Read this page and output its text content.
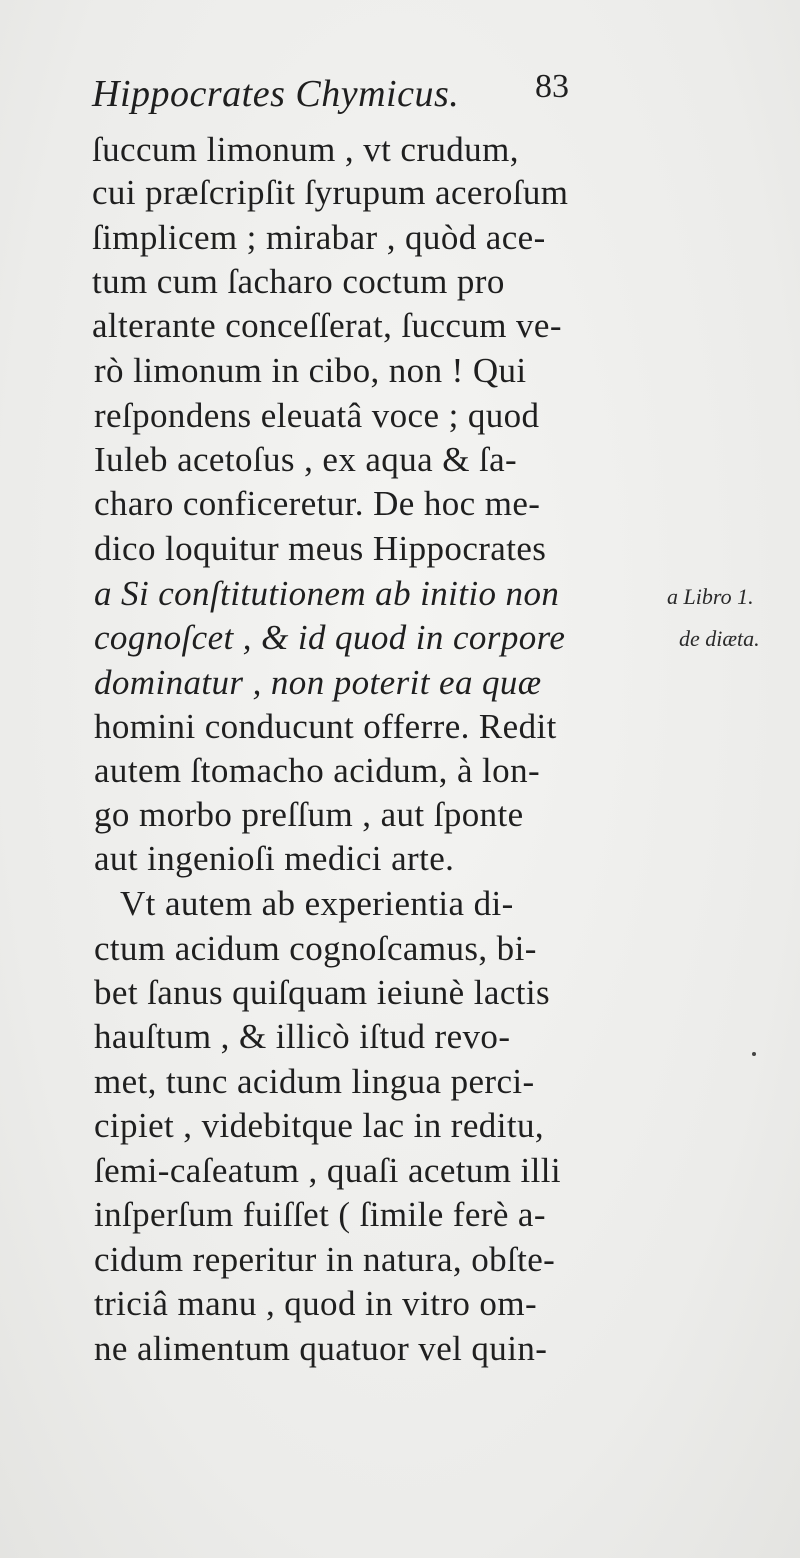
Hippocrates Chymicus. 83
ſuccum limonum , vt crudum,
cui præſcripſit ſyrupum aceroſum
ſimplicem ; mirabar , quòd ace-
tum cum ſacharo coctum pro
alterante conceſſerat, ſuccum ve-
rò limonum in cibo, non ! Qui
reſpondens eleuatâ voce ; quod
Iuleb acetoſus , ex aqua & ſa-
charo conficeretur. De hoc me-
dico loquitur meus Hippocrates
a Si conſtitutionem ab initio non
cognoſcet , & id quod in corpore
dominatur , non poterit ea quæ
homini conducunt offerre. Redit
autem ſtomacho acidum, à lon-
go morbo preſſum , aut ſponte
aut ingenioſi medici arte.
Vt autem ab experientia di-
ctum acidum cognoſcamus, bi-
bet ſanus quiſquam ieiunè lactis
hauſtum , & illicò iſtud revo-
met, tunc acidum lingua perci-
cipiet , videbitque lac in reditu,
ſemi-caſeatum , quaſi acetum illi
inſperſum fuiſſet ( ſimile ferè a-
cidum reperitur in natura, obſte-
triciâ manu , quod in vitro om-
ne alimentum quatuor vel quin-
a Libro 1.
de diæta.
